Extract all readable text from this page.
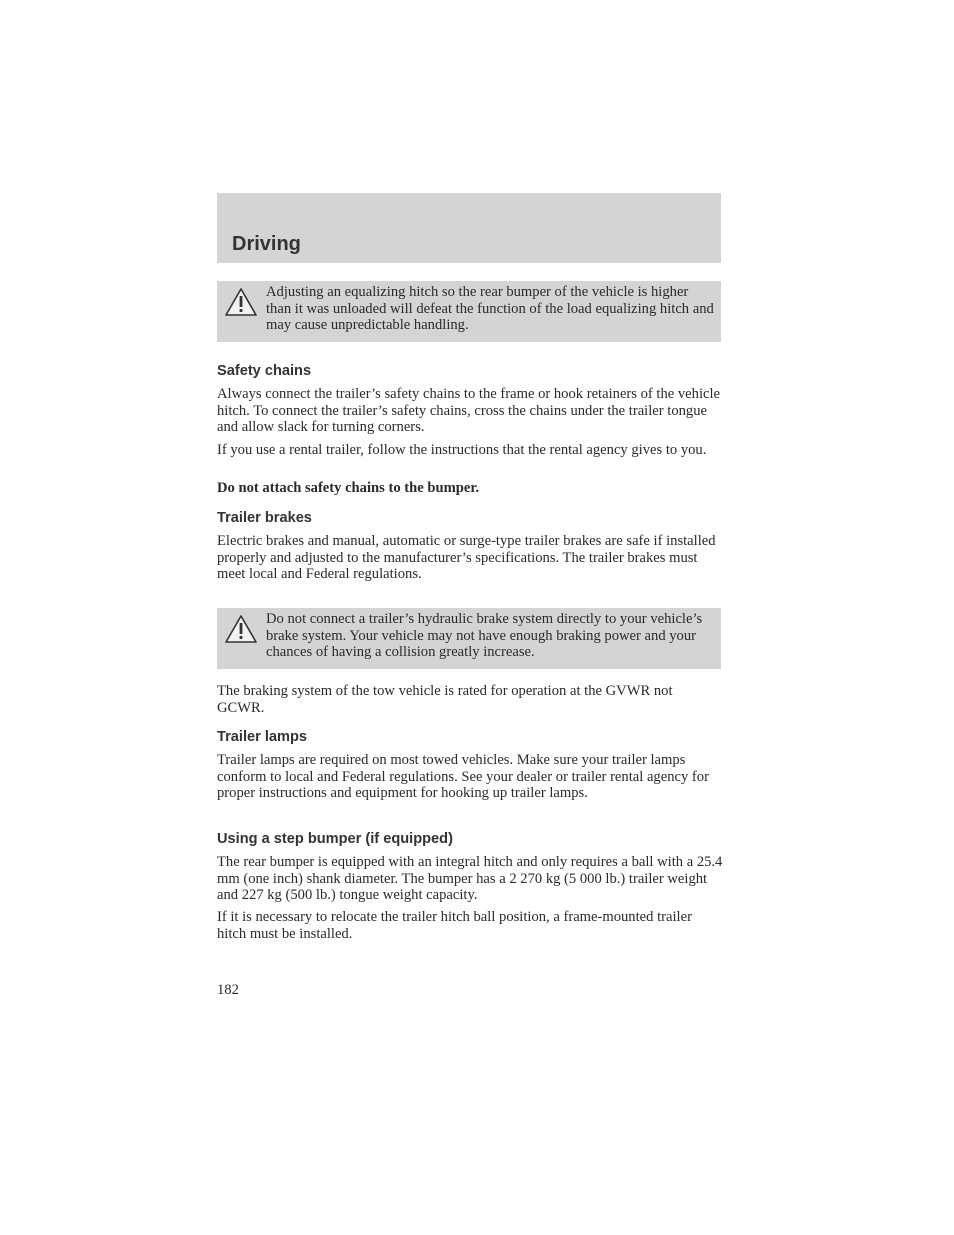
Driving
Adjusting an equalizing hitch so the rear bumper of the vehicle is higher than it was unloaded will defeat the function of the load equalizing hitch and may cause unpredictable handling.
Safety chains

Always connect the trailer’s safety chains to the frame or hook retainers of the vehicle hitch. To connect the trailer’s safety chains, cross the chains under the trailer tongue and allow slack for turning corners.

If you use a rental trailer, follow the instructions that the rental agency gives to you.

Do not attach safety chains to the bumper.

Trailer brakes

Electric brakes and manual, automatic or surge-type trailer brakes are safe if installed properly and adjusted to the manufacturer’s specifications. The trailer brakes must meet local and Federal regulations.

Do not connect a trailer’s hydraulic brake system directly to your vehicle’s brake system. Your vehicle may not have enough braking power and your chances of having a collision greatly increase.

The braking system of the tow vehicle is rated for operation at the GVWR not GCWR.

Trailer lamps

Trailer lamps are required on most towed vehicles. Make sure your trailer lamps conform to local and Federal regulations. See your dealer or trailer rental agency for proper instructions and equipment for hooking up trailer lamps.

Using a step bumper (if equipped)

The rear bumper is equipped with an integral hitch and only requires a ball with a 25.4 mm (one inch) shank diameter. The bumper has a 2 270 kg (5 000 lb.) trailer weight and 227 kg (500 lb.) tongue weight capacity.

If it is necessary to relocate the trailer hitch ball position, a frame-mounted trailer hitch must be installed.

182
